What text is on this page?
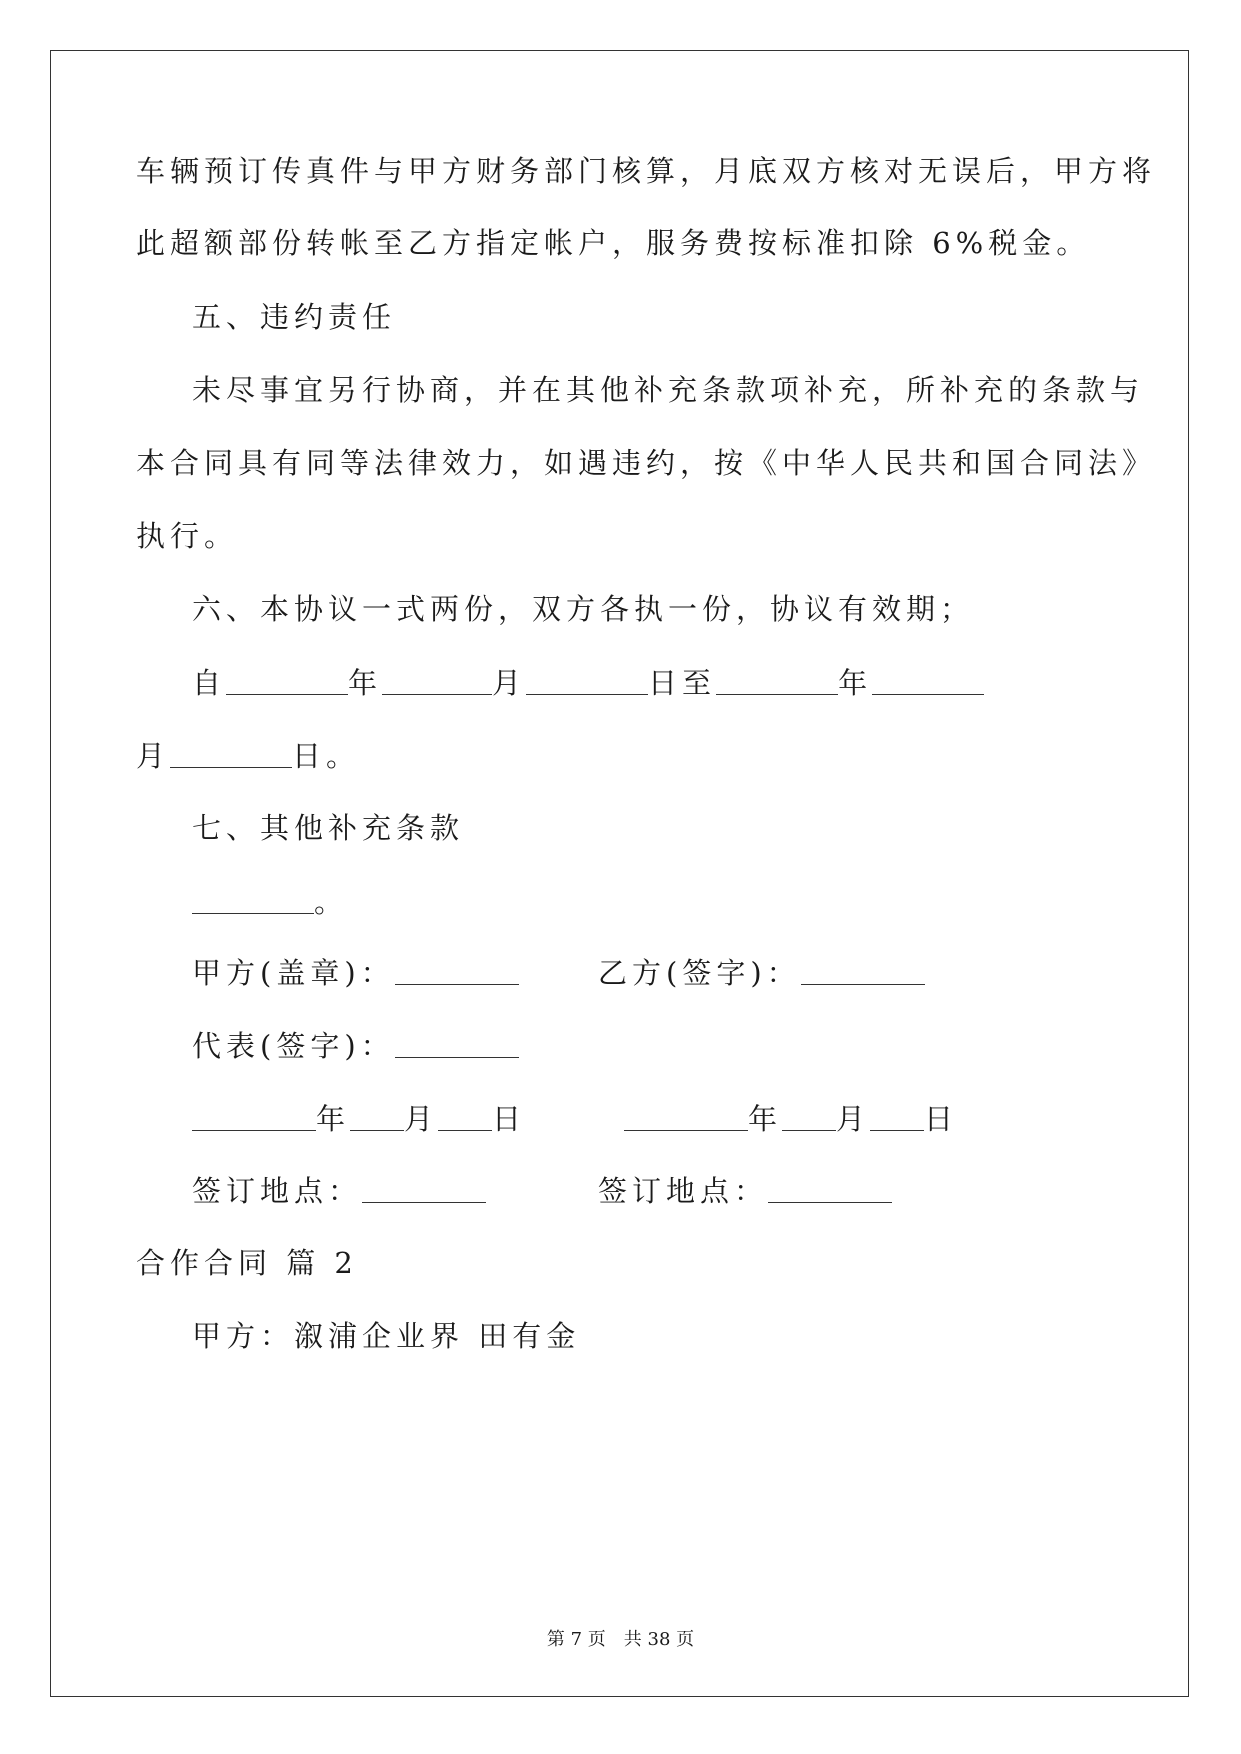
车辆预订传真件与甲方财务部门核算，月底双方核对无误后，甲方将
此超额部份转帐至乙方指定帐户，服务费按标准扣除 6%税金。
五、违约责任
未尽事宜另行协商，并在其他补充条款项补充，所补充的条款与
本合同具有同等法律效力，如遇违约，按《中华人民共和国合同法》
执行。
六、本协议一式两份，双方各执一份，协议有效期；
自	年	月	日至	年
月	日。
七、其他补充条款
。
甲方(盖章)：	乙方(签字)：
代表(签字)：
年 月 日	年 月 日
签订地点：	签订地点：
合作合同 篇 2
甲方：溆浦企业界 田有金
第 7 页　共 38 页
